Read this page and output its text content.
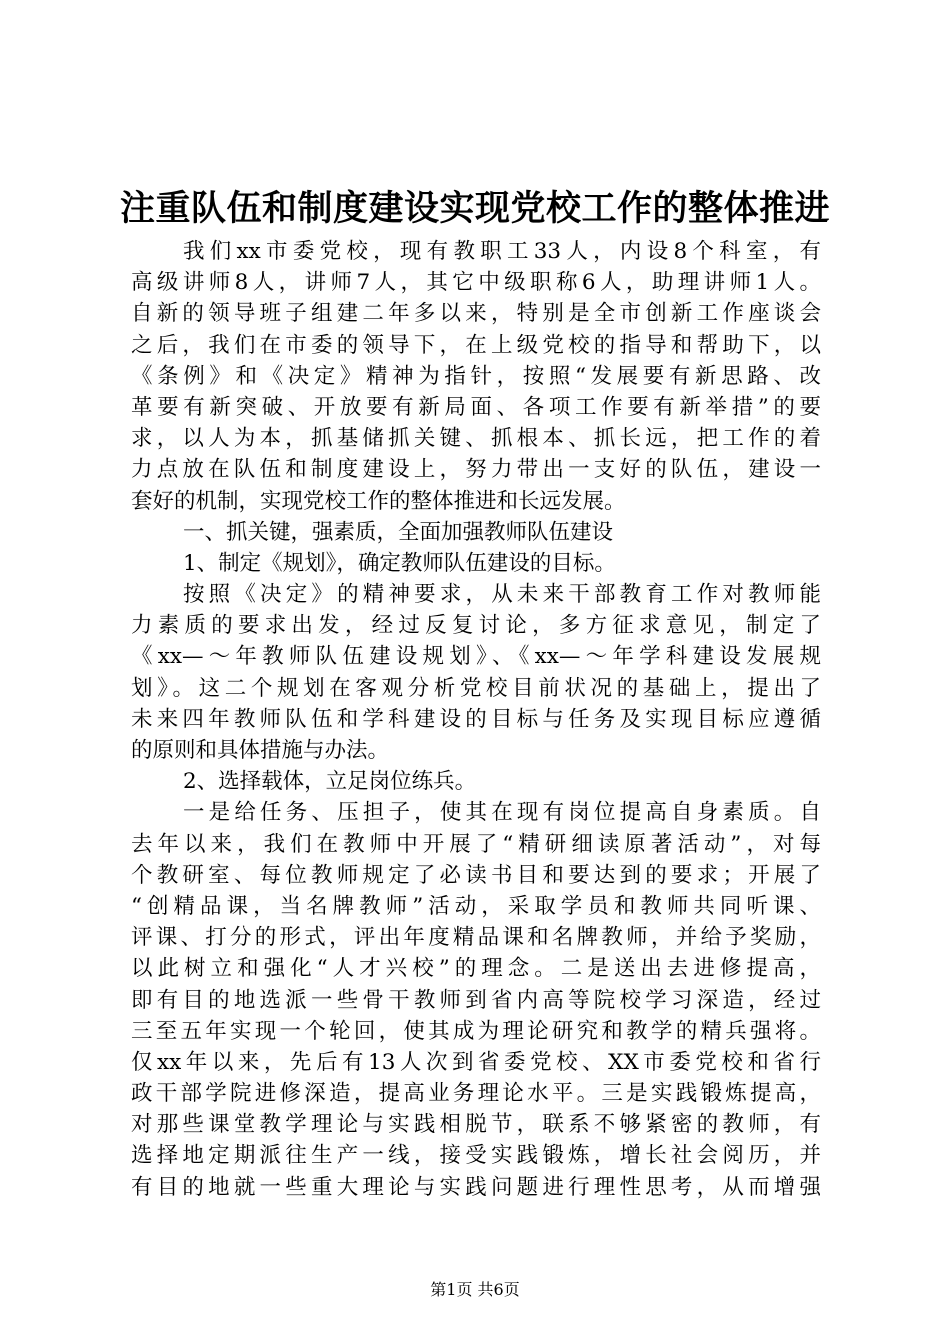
注重队伍和制度建设实现党校工作的整体推进
我们xx市委党校，现有教职工33人，内设8个科室，有
高级讲师8人，讲师7人，其它中级职称6人，助理讲师1人。
自新的领导班子组建二年多以来，特别是全市创新工作座谈会
之后，我们在市委的领导下，在上级党校的指导和帮助下，以
《条例》和《决定》精神为指针，按照“发展要有新思路、改
革要有新突破、开放要有新局面、各项工作要有新举措”的要
求，以人为本，抓基储抓关键、抓根本、抓长远，把工作的着
力点放在队伍和制度建设上，努力带出一支好的队伍，建设一
套好的机制，实现党校工作的整体推进和长远发展。
一、抓关键，强素质，全面加强教师队伍建设
1、制定《规划》，确定教师队伍建设的目标。
按照《决定》的精神要求，从未来干部教育工作对教师能
力素质的要求出发，经过反复讨论，多方征求意见，制定了
《xx—～年教师队伍建设规划》、《xx—～年学科建设发展规
划》。这二个规划在客观分析党校目前状况的基础上，提出了
未来四年教师队伍和学科建设的目标与任务及实现目标应遵循
的原则和具体措施与办法。
2、选择载体，立足岗位练兵。
一是给任务、压担子，使其在现有岗位提高自身素质。自
去年以来，我们在教师中开展了“精研细读原著活动”，对每
个教研室、每位教师规定了必读书目和要达到的要求；开展了
“创精品课，当名牌教师”活动，采取学员和教师共同听课、
评课、打分的形式，评出年度精品课和名牌教师，并给予奖励，
以此树立和强化“人才兴校”的理念。二是送出去进修提高，
即有目的地选派一些骨干教师到省内高等院校学习深造，经过
三至五年实现一个轮回，使其成为理论研究和教学的精兵强将。
仅xx年以来，先后有13人次到省委党校、XX市委党校和省行
政干部学院进修深造，提高业务理论水平。三是实践锻炼提高，
对那些课堂教学理论与实践相脱节，联系不够紧密的教师，有
选择地定期派往生产一线，接受实践锻炼，增长社会阅历，并
有目的地就一些重大理论与实践问题进行理性思考，从而增强
第1页 共6页
